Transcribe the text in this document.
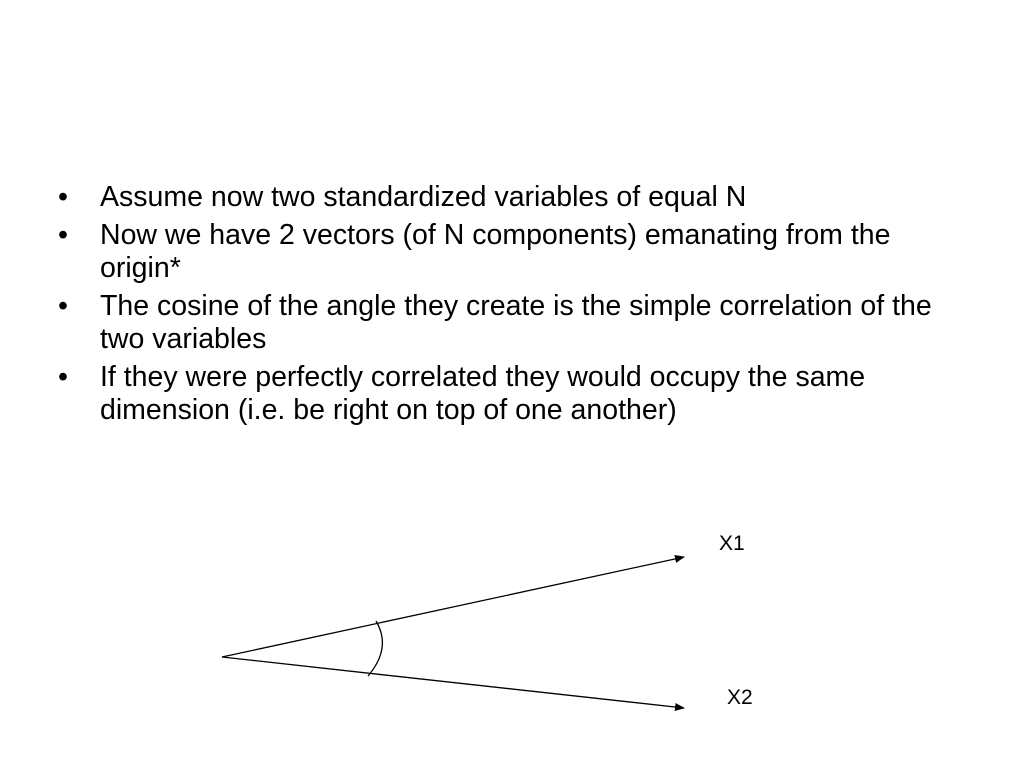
•	Assume now two standardized variables of equal N
•	Now we have 2 vectors (of N components) emanating from the origin*
•	The cosine of the angle they create is the simple correlation of the two variables
•	If they were perfectly correlated they would occupy the same dimension (i.e. be right on top of one another)
X1
X2
